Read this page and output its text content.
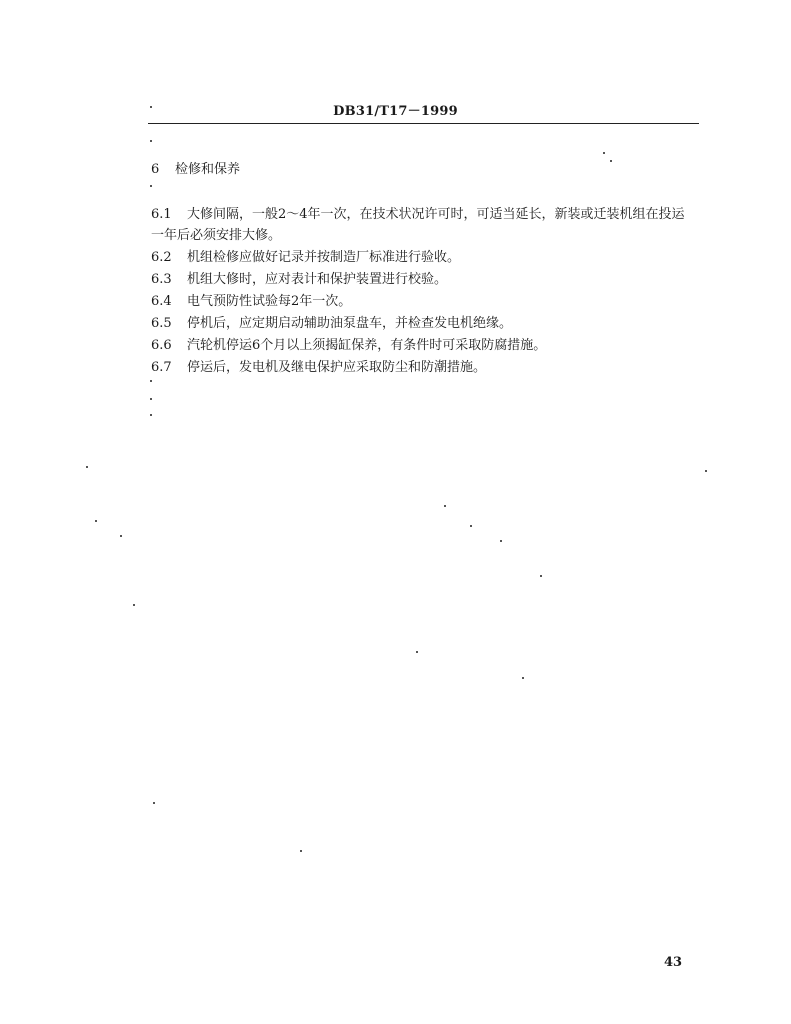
DB31/T17－1999
6 检修和保养
6.1 大修间隔，一般2～4年一次，在技术状况许可时，可适当延长，新装或迁装机组在投运
一年后必须安排大修。
6.2 机组检修应做好记录并按制造厂标准进行验收。
6.3 机组大修时，应对表计和保护装置进行校验。
6.4 电气预防性试验每2年一次。
6.5 停机后，应定期启动辅助油泵盘车，并检查发电机绝缘。
6.6 汽轮机停运6个月以上须揭缸保养，有条件时可采取防腐措施。
6.7 停运后，发电机及继电保护应采取防尘和防潮措施。
43
